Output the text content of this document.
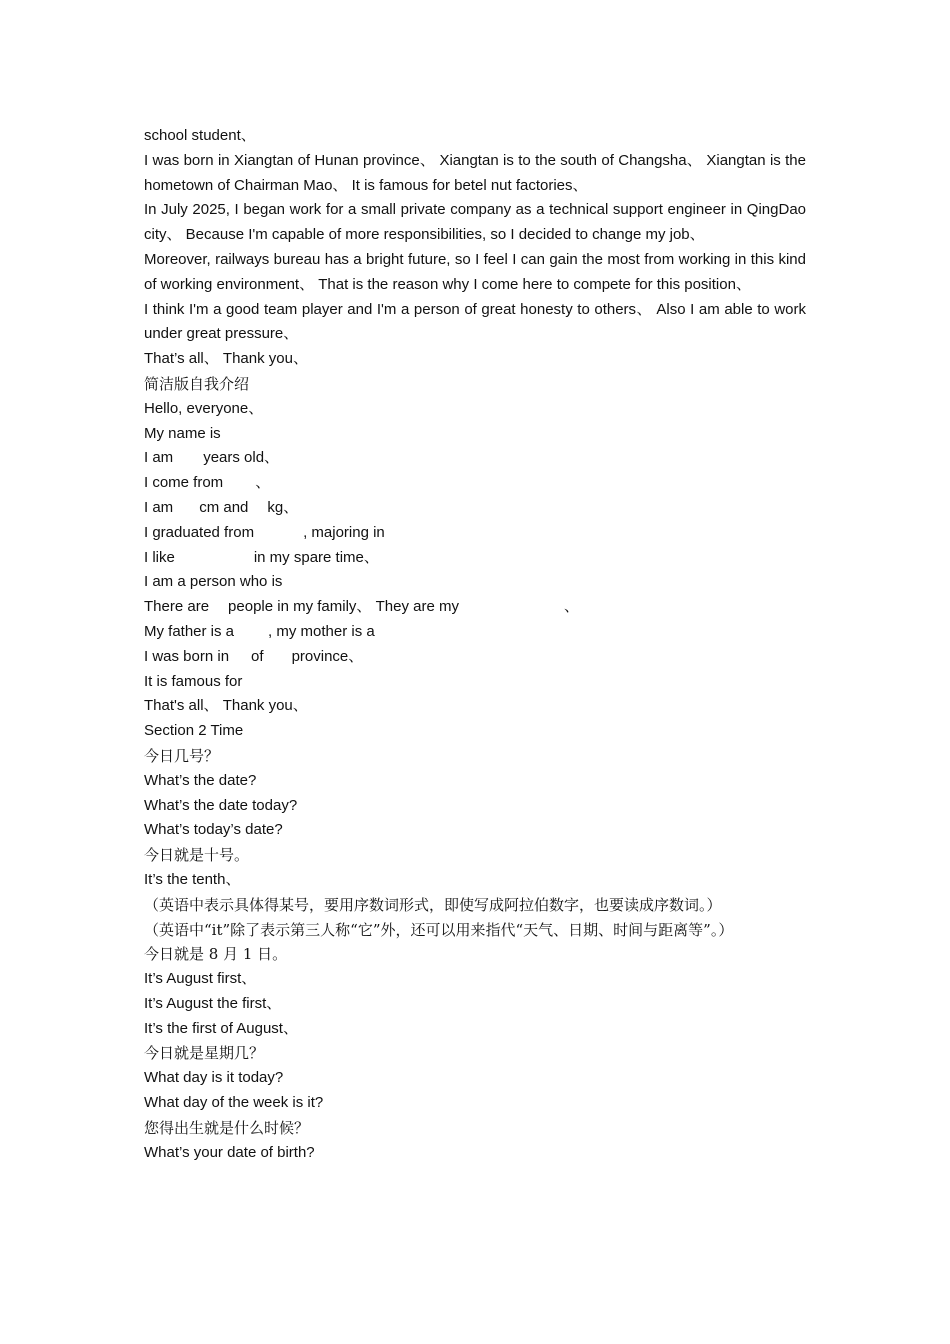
school student、

I was born in Xiangtan of Hunan province、 Xiangtan is to the south of Changsha、 Xiangtan is the hometown of Chairman Mao、 It is famous for betel nut factories、

In July 2025, I began work for a small private company as a technical support engineer in QingDao city、 Because I'm capable of more responsibilities, so I decided to change my job、

Moreover, railways bureau has a bright future, so I feel I can gain the most from working in this kind of working environment、 That is the reason why I come here to compete for this position、

I think I'm a good team player and I'm a person of great honesty to others、 Also I am able to work under great pressure、

That’s all、 Thank you、

简洁版自我介绍

Hello, everyone、

My name is

I am years old、

I come from 、

I am cm and kg、

I graduated from	, majoring in

I like	in my spare time、

I am a person who is

There are people in my family、 They are my	、

My father is a , my mother is a

I was born in of province、

It is famous for

That's all、 Thank you、

Section 2 Time

今日几号？

What’s the date?

What’s the date today?

What’s today’s date?

今日就是十号。

It’s the tenth、

（英语中表示具体得某号，要用序数词形式，即使写成阿拉伯数字，也要读成序数词。）

（英语中“it”除了表示第三人称“它”外，还可以用来指代“天气、日期、时间与距离等”。）

今日就是 8 月 1 日。

It’s August first、

It’s August the first、

It’s the first of August、

今日就是星期几？

What day is it today?

What day of the week is it?

您得出生就是什么时候？

What’s your date of birth?
